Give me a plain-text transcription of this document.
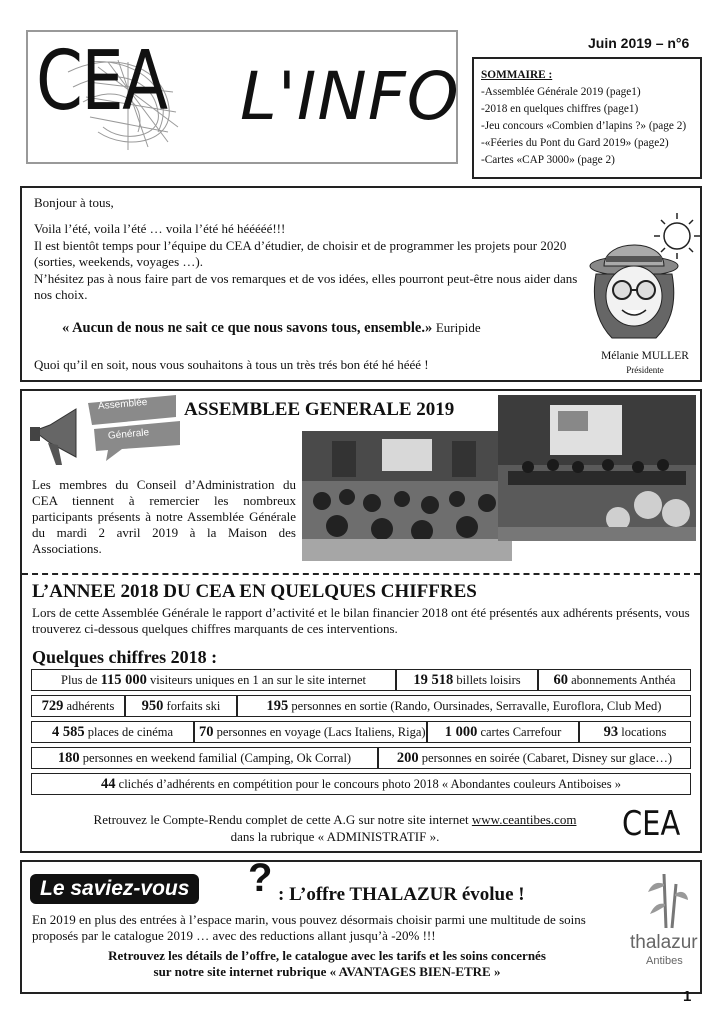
CEA L'INFO
Juin 2019 – n°6
SOMMAIRE :
-Assemblée Générale 2019 (page1)
-2018 en quelques chiffres (page1)
-Jeu concours «Combien d’lapins ?» (page 2)
-«Féeries du Pont du Gard 2019» (page2)
-Cartes «CAP 3000» (page 2)
Bonjour à tous,
Voila l’été, voila l’été … voila l’été hé hééééé!!!
Il est bientôt temps pour l’équipe du CEA d’étudier, de choisir et de programmer les projets pour 2020 (sorties, weekends, voyages …).
N’hésitez pas à nous faire part de vos remarques et de vos idées, elles pourront peut-être nous aider dans nos choix.
« Aucun de nous ne sait ce que nous savons tous, ensemble.» Euripide
Quoi qu’il en soit, nous vous souhaitons à tous un très trés bon été hé hééé !
Mélanie MULLER
Présidente
Assemblée
Générale
ASSEMBLEE GENERALE 2019
Les membres du Conseil d’Administration du CEA tiennent à remercier les nombreux participants présents à notre Assemblée Générale du mardi 2 avril 2019 à la Maison des Associations.
L’ANNEE 2018 DU CEA EN QUELQUES CHIFFRES
Lors de cette Assemblée Générale le rapport d’activité et le bilan financier 2018 ont été présentés aux adhérents présents, vous trouverez ci-dessous quelques chiffres marquants de ces interventions.
Quelques chiffres 2018 :
Plus de 115 000 visiteurs uniques en 1 an sur le site internet	19 518 billets loisirs	60 abonnements Anthéa
729 adhérents	950 forfaits ski	195 personnes en sortie (Rando, Oursinades, Serravalle, Euroflora, Club Med)
4 585 places de cinéma	70 personnes en voyage (Lacs Italiens, Riga)	1 000 cartes Carrefour	93 locations
180 personnes en weekend familial (Camping, Ok Corral)	200 personnes en soirée (Cabaret, Disney sur glace…)
44 clichés d’adhérents en compétition pour le concours photo 2018 « Abondantes couleurs Antiboises »
Retrouvez le Compte-Rendu complet de cette A.G sur notre site internet www.ceantibes.com
dans la rubrique « ADMINISTRATIF ».	CEA
Le saviez-vous ? : L’offre THALAZUR évolue !
En 2019 en plus des entrées à l’espace marin, vous pouvez désormais choisir parmi une multitude de soins proposés par le catalogue 2019 … avec des reductions allant jusqu’à -20% !!!
Retrouvez les détails de l’offre, le catalogue avec les tarifs et les soins concernés
sur notre site internet rubrique « AVANTAGES BIEN-ETRE »
thalazur
Antibes
1
